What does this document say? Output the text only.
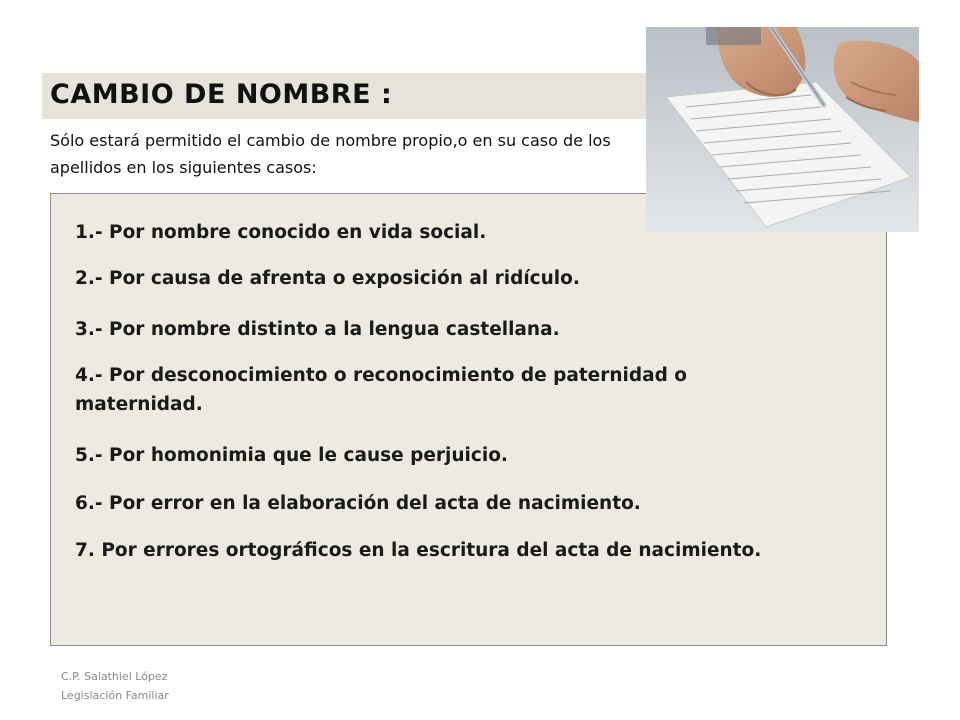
CAMBIO DE NOMBRE :
Sólo estará permitido el cambio de nombre propio,o en su caso de los apellidos en los siguientes casos:
1.- Por nombre conocido en vida social.
2.- Por causa de afrenta o exposición al ridículo.
3.- Por nombre distinto a la lengua castellana.
4.- Por desconocimiento o reconocimiento de paternidad o maternidad.
5.- Por homonimia que le cause perjuicio.
6.- Por error en la elaboración del acta de nacimiento.
7. Por errores ortográficos en la escritura del acta de nacimiento.
C.P. Salathiel López
Legislación Familiar
